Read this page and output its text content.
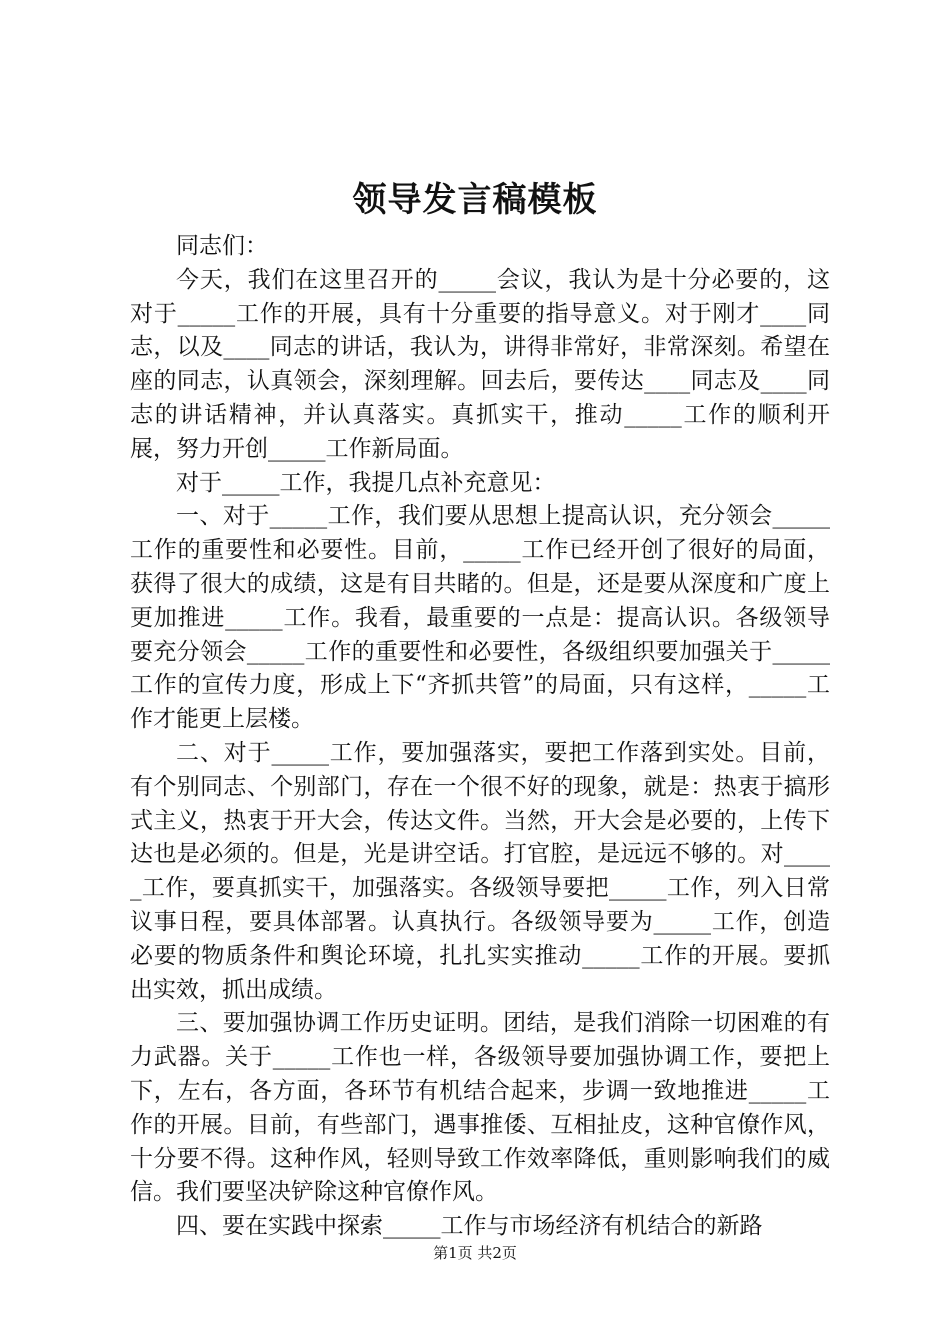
领导发言稿模板

同志们：

今天，我们在这里召开的_____会议，我认为是十分必要的，这对于_____工作的开展，具有十分重要的指导意义。对于刚才____同志，以及____同志的讲话，我认为，讲得非常好，非常深刻。希望在座的同志，认真领会，深刻理解。回去后，要传达____同志及____同志的讲话精神，并认真落实。真抓实干，推动_____工作的顺利开展，努力开创_____工作新局面。

对于_____工作，我提几点补充意见：

一、对于_____工作，我们要从思想上提高认识，充分领会_____工作的重要性和必要性。目前，_____工作已经开创了很好的局面，获得了很大的成绩，这是有目共睹的。但是，还是要从深度和广度上更加推进_____工作。我看，最重要的一点是：提高认识。各级领导要充分领会_____工作的重要性和必要性，各级组织要加强关于_____工作的宣传力度，形成上下“齐抓共管”的局面，只有这样，_____工作才能更上层楼。

二、对于_____工作，要加强落实，要把工作落到实处。目前，有个别同志、个别部门，存在一个很不好的现象，就是：热衷于搞形式主义，热衷于开大会，传达文件。当然，开大会是必要的，上传下达也是必须的。但是，光是讲空话。打官腔，是远远不够的。对_____工作，要真抓实干，加强落实。各级领导要把_____工作，列入日常议事日程，要具体部署。认真执行。各级领导要为_____工作，创造必要的物质条件和舆论环境，扎扎实实推动_____工作的开展。要抓出实效，抓出成绩。

三、要加强协调工作历史证明。团结，是我们消除一切困难的有力武器。关于_____工作也一样，各级领导要加强协调工作，要把上下，左右，各方面，各环节有机结合起来，步调一致地推进_____工作的开展。目前，有些部门，遇事推倭、互相扯皮，这种官僚作风，十分要不得。这种作风，轻则导致工作效率降低，重则影响我们的威信。我们要坚决铲除这种官僚作风。

四、要在实践中探索_____工作与市场经济有机结合的新路

第1页 共2页
